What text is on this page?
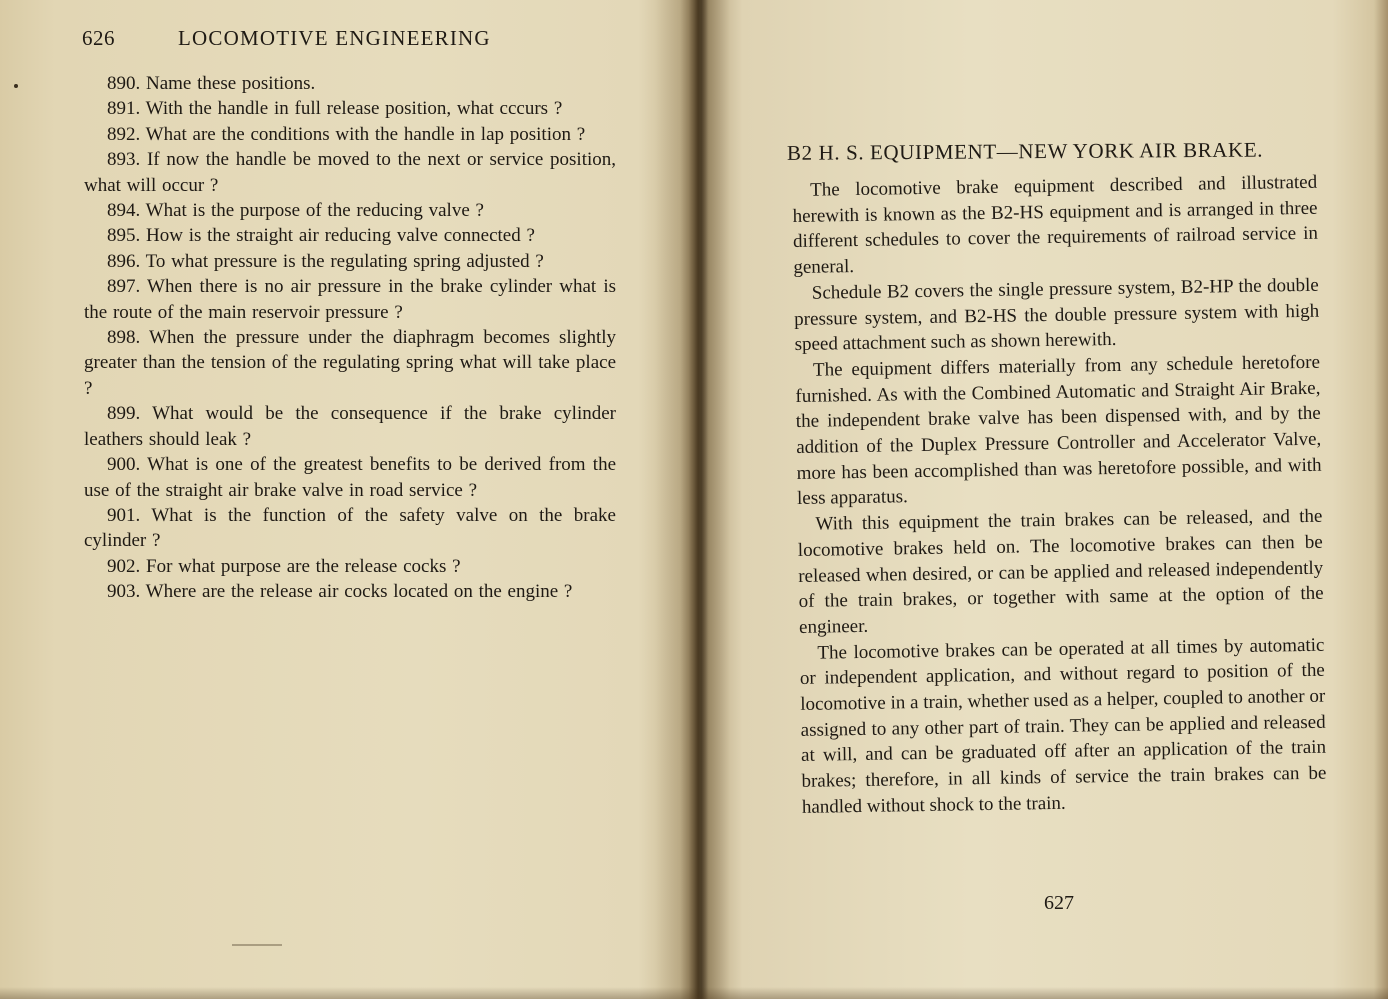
626	LOCOMOTIVE ENGINEERING

890. Name these positions.

891. With the handle in full release position, what cccurs ?

892. What are the conditions with the handle in lap position ?

893. If now the handle be moved to the next or service position, what will occur ?

894. What is the purpose of the reducing valve ?

895. How is the straight air reducing valve connected ?

896. To what pressure is the regulating spring adjusted ?

897. When there is no air pressure in the brake cylinder what is the route of the main reservoir pressure ?

898. When the pressure under the diaphragm becomes slightly greater than the tension of the regulating spring what will take place ?

899. What would be the consequence if the brake cylinder leathers should leak ?

900. What is one of the greatest benefits to be derived from the use of the straight air brake valve in road service ?

901. What is the function of the safety valve on the brake cylinder ?

902. For what purpose are the release cocks ?

903. Where are the release air cocks located on the engine ?

B2 H. S. EQUIPMENT—NEW YORK AIR BRAKE.

The locomotive brake equipment described and illustrated herewith is known as the B2-HS equipment and is arranged in three different schedules to cover the requirements of railroad service in general.

Schedule B2 covers the single pressure system, B2-HP the double pressure system, and B2-HS the double pressure system with high speed attachment such as shown herewith.

The equipment differs materially from any schedule heretofore furnished. As with the Combined Automatic and Straight Air Brake, the independent brake valve has been dispensed with, and by the addition of the Duplex Pressure Controller and Accelerator Valve, more has been accomplished than was heretofore possible, and with less apparatus.

With this equipment the train brakes can be released, and the locomotive brakes held on. The locomotive brakes can then be released when desired, or can be applied and released independently of the train brakes, or together with same at the option of the engineer.

The locomotive brakes can be operated at all times by automatic or independent application, and without regard to position of the locomotive in a train, whether used as a helper, coupled to another or assigned to any other part of train. They can be applied and released at will, and can be graduated off after an application of the train brakes; therefore, in all kinds of service the train brakes can be handled without shock to the train.

627
